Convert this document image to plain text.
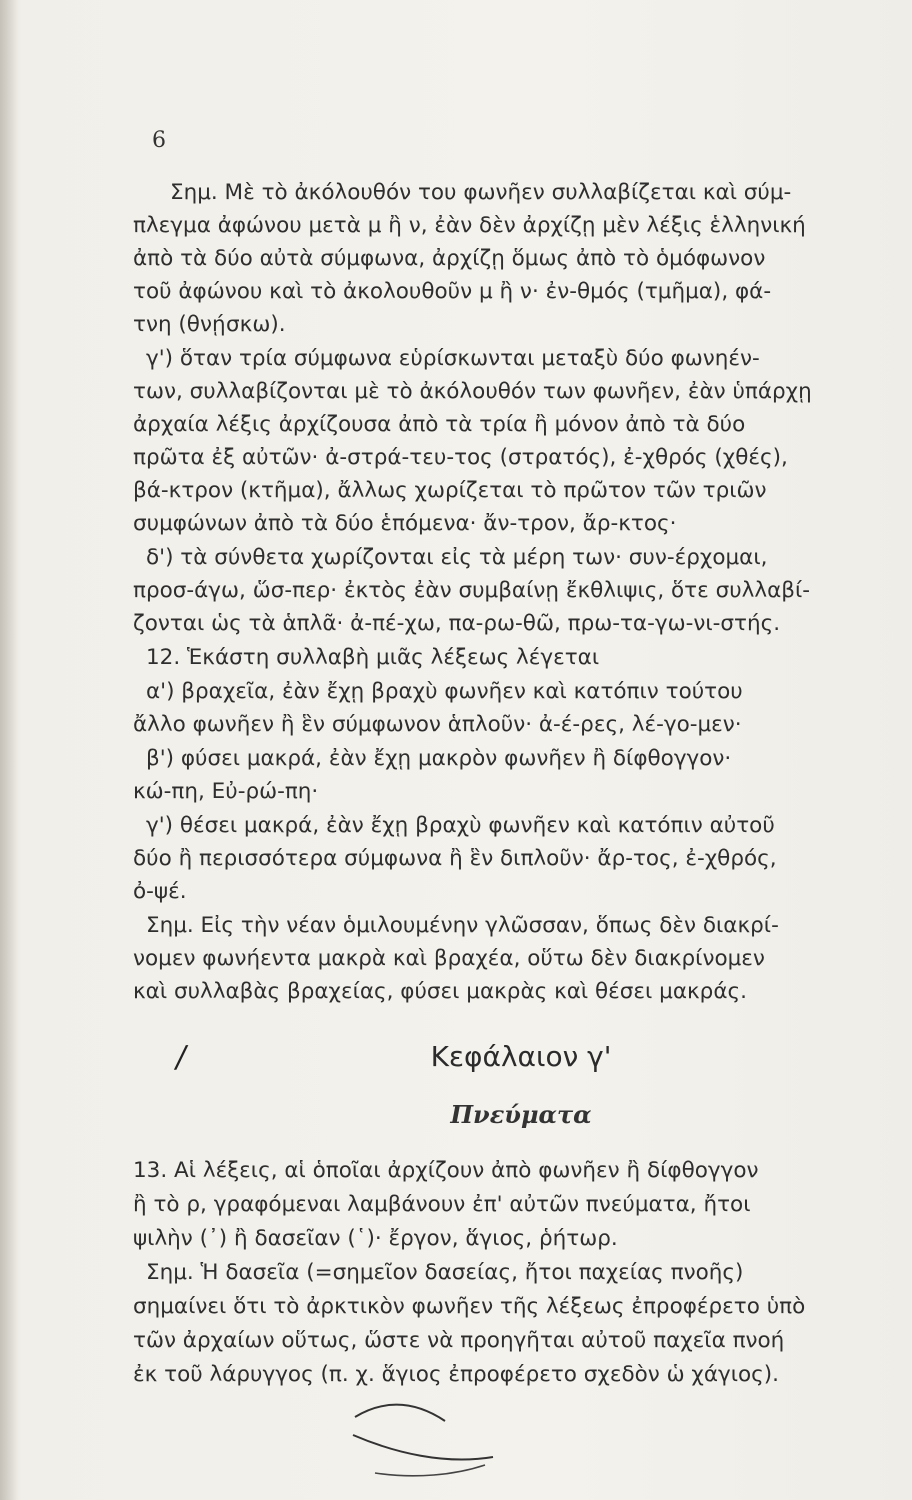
6
Σημ. Μὲ τὸ ἀκόλουθόν του φωνῆεν συλλαβίζεται καὶ σύμ-
πλεγμα ἀφώνου μετὰ μ ἢ ν, ἐὰν δὲν ἀρχίζῃ μὲν λέξις ἑλληνική
ἀπὸ τὰ δύο αὐτὰ σύμφωνα, ἀρχίζῃ ὅμως ἀπὸ τὸ ὁμόφωνον
τοῦ ἀφώνου καὶ τὸ ἀκολουθοῦν μ ἢ ν· ἐν-θμός (τμῆμα), φά-
τνη (θνῄσκω).
γ') ὅταν τρία σύμφωνα εὑρίσκωνται μεταξὺ δύο φωνηέν-
των, συλλαβίζονται μὲ τὸ ἀκόλουθόν των φωνῆεν, ἐὰν ὑπάρχῃ
ἀρχαία λέξις ἀρχίζουσα ἀπὸ τὰ τρία ἢ μόνον ἀπὸ τὰ δύο
πρῶτα ἐξ αὐτῶν· ἀ-στρά-τευ-τος (στρατός), ἐ-χθρός (χθές),
βά-κτρον (κτῆμα), ἄλλως χωρίζεται τὸ πρῶτον τῶν τριῶν
συμφώνων ἀπὸ τὰ δύο ἑπόμενα· ἄν-τρον, ἄρ-κτος·
δ') τὰ σύνθετα χωρίζονται εἰς τὰ μέρη των· συν-έρχομαι,
προσ-άγω, ὥσ-περ· ἐκτὸς ἐὰν συμβαίνῃ ἔκθλιψις, ὅτε συλλαβί-
ζονται ὡς τὰ ἁπλᾶ· ἀ-πέ-χω, πα-ρω-θῶ, πρω-τα-γω-νι-στής.
12. Ἑκάστη συλλαβὴ μιᾶς λέξεως λέγεται
α') βραχεῖα, ἐὰν ἔχῃ βραχὺ φωνῆεν καὶ κατόπιν τούτου
ἄλλο φωνῆεν ἢ ἓν σύμφωνον ἁπλοῦν· ἀ-έ-ρες, λέ-γο-μεν·
β') φύσει μακρά, ἐὰν ἔχῃ μακρὸν φωνῆεν ἢ δίφθογγον·
κώ-πη, Εὐ-ρώ-πη·
γ') θέσει μακρά, ἐὰν ἔχῃ βραχὺ φωνῆεν καὶ κατόπιν αὐτοῦ
δύο ἢ περισσότερα σύμφωνα ἢ ἓν διπλοῦν· ἄρ-τος, ἐ-χθρός,
ὀ-ψέ.
Σημ. Εἰς τὴν νέαν ὁμιλουμένην γλῶσσαν, ὅπως δὲν διακρί-
νομεν φωνήεντα μακρὰ καὶ βραχέα, οὕτω δὲν διακρίνομεν
καὶ συλλαβὰς βραχείας, φύσει μακρὰς καὶ θέσει μακράς.
13. Αἱ λέξεις, αἱ ὁποῖαι ἀρχίζουν ἀπὸ φωνῆεν ἢ δίφθογγον
ἢ τὸ ρ, γραφόμεναι λαμβάνουν ἐπ' αὐτῶν πνεύματα, ἤτοι
ψιλὴν (᾿) ἢ δασεῖαν (῾)· ἔργον, ἅγιος, ῥήτωρ.
Σημ. Ἡ δασεῖα (=σημεῖον δασείας, ἤτοι παχείας πνοῆς)
σημαίνει ὅτι τὸ ἀρκτικὸν φωνῆεν τῆς λέξεως ἐπροφέρετο ὑπὸ
τῶν ἀρχαίων οὕτως, ὥστε νὰ προηγῆται αὐτοῦ παχεῖα πνοή
ἐκ τοῦ λάρυγγος (π. χ. ἅγιος ἐπροφέρετο σχεδὸν ὡ χάγιος).
/	Κεφάλαιον γ'
Πνεύματα
